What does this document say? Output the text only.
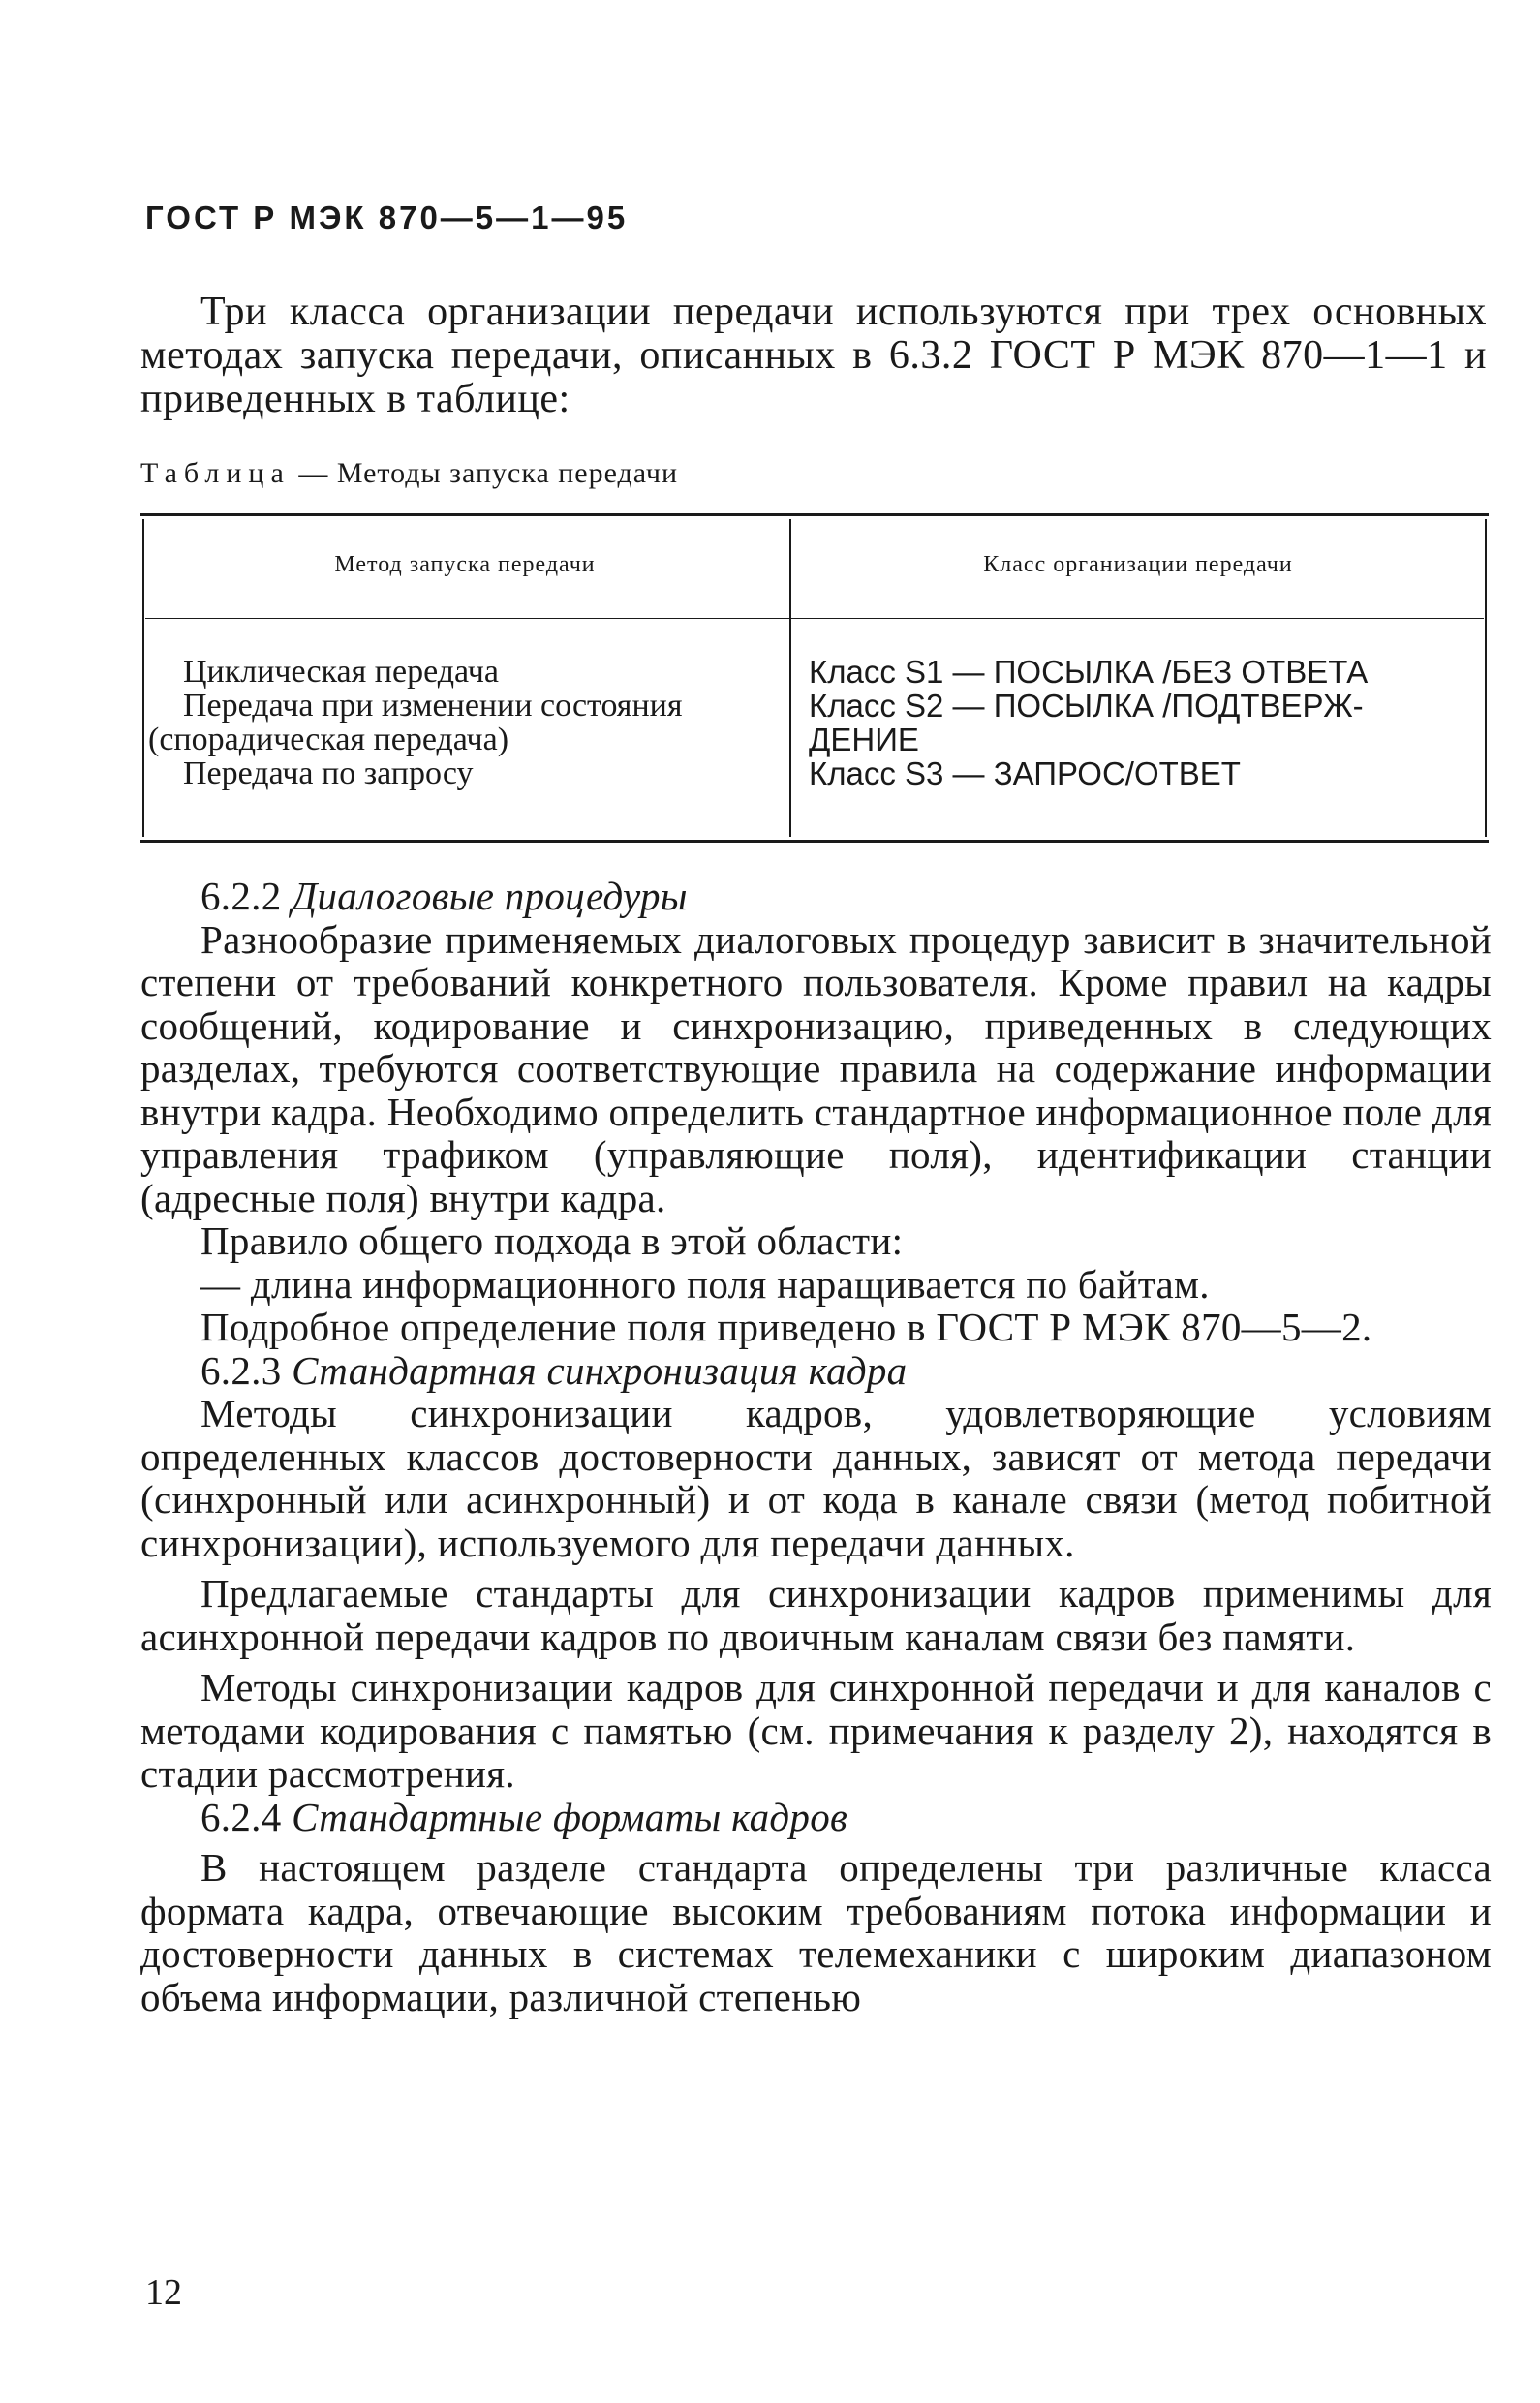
ГОСТ Р МЭК 870—5—1—95
Три класса организации передачи используются при трех основных методах запуска передачи, описанных в 6.3.2 ГОСТ Р МЭК 870—1—1 и приведенных в таблице:
Таблица — Методы запуска передачи
Метод запуска передачи	Класс организации передачи
Циклическая передача
Передача при изменении состояния
(спорадическая передача)
Передача по запросу
Класс S1 — ПОСЫЛКА /БЕЗ ОТВЕТА
Класс S2 — ПОСЫЛКА /ПОДТВЕРЖ-
ДЕНИЕ
Класс S3 — ЗАПРОС/ОТВЕТ

6.2.2 Диалоговые процедуры

Разнообразие применяемых диалоговых процедур зависит в значительной степени от требований конкретного пользователя. Кроме правил на кадры сообщений, кодирование и синхронизацию, приведенных в следующих разделах, требуются соответствующие правила на содержание информации внутри кадра. Необходимо определить стандартное информационное поле для управления трафиком (управляющие поля), идентификации станции (адресные поля) внутри кадра.

Правило общего подхода в этой области:

— длина информационного поля наращивается по байтам.

Подробное определение поля приведено в ГОСТ Р МЭК 870—5—2.

6.2.3 Стандартная синхронизация кадра

Методы синхронизации кадров, удовлетворяющие условиям определенных классов достоверности данных, зависят от метода передачи (синхронный или асинхронный) и от кода в канале связи (метод побитной синхронизации), используемого для передачи данных.

Предлагаемые стандарты для синхронизации кадров применимы для асинхронной передачи кадров по двоичным каналам связи без памяти.

Методы синхронизации кадров для синхронной передачи и для каналов с методами кодирования с памятью (см. примечания к разделу 2), находятся в стадии рассмотрения.

6.2.4 Стандартные форматы кадров

В настоящем разделе стандарта определены три различные класса формата кадра, отвечающие высоким требованиям потока информации и достоверности данных в системах телемеханики с широким диапазоном объема информации, различной степенью

12
